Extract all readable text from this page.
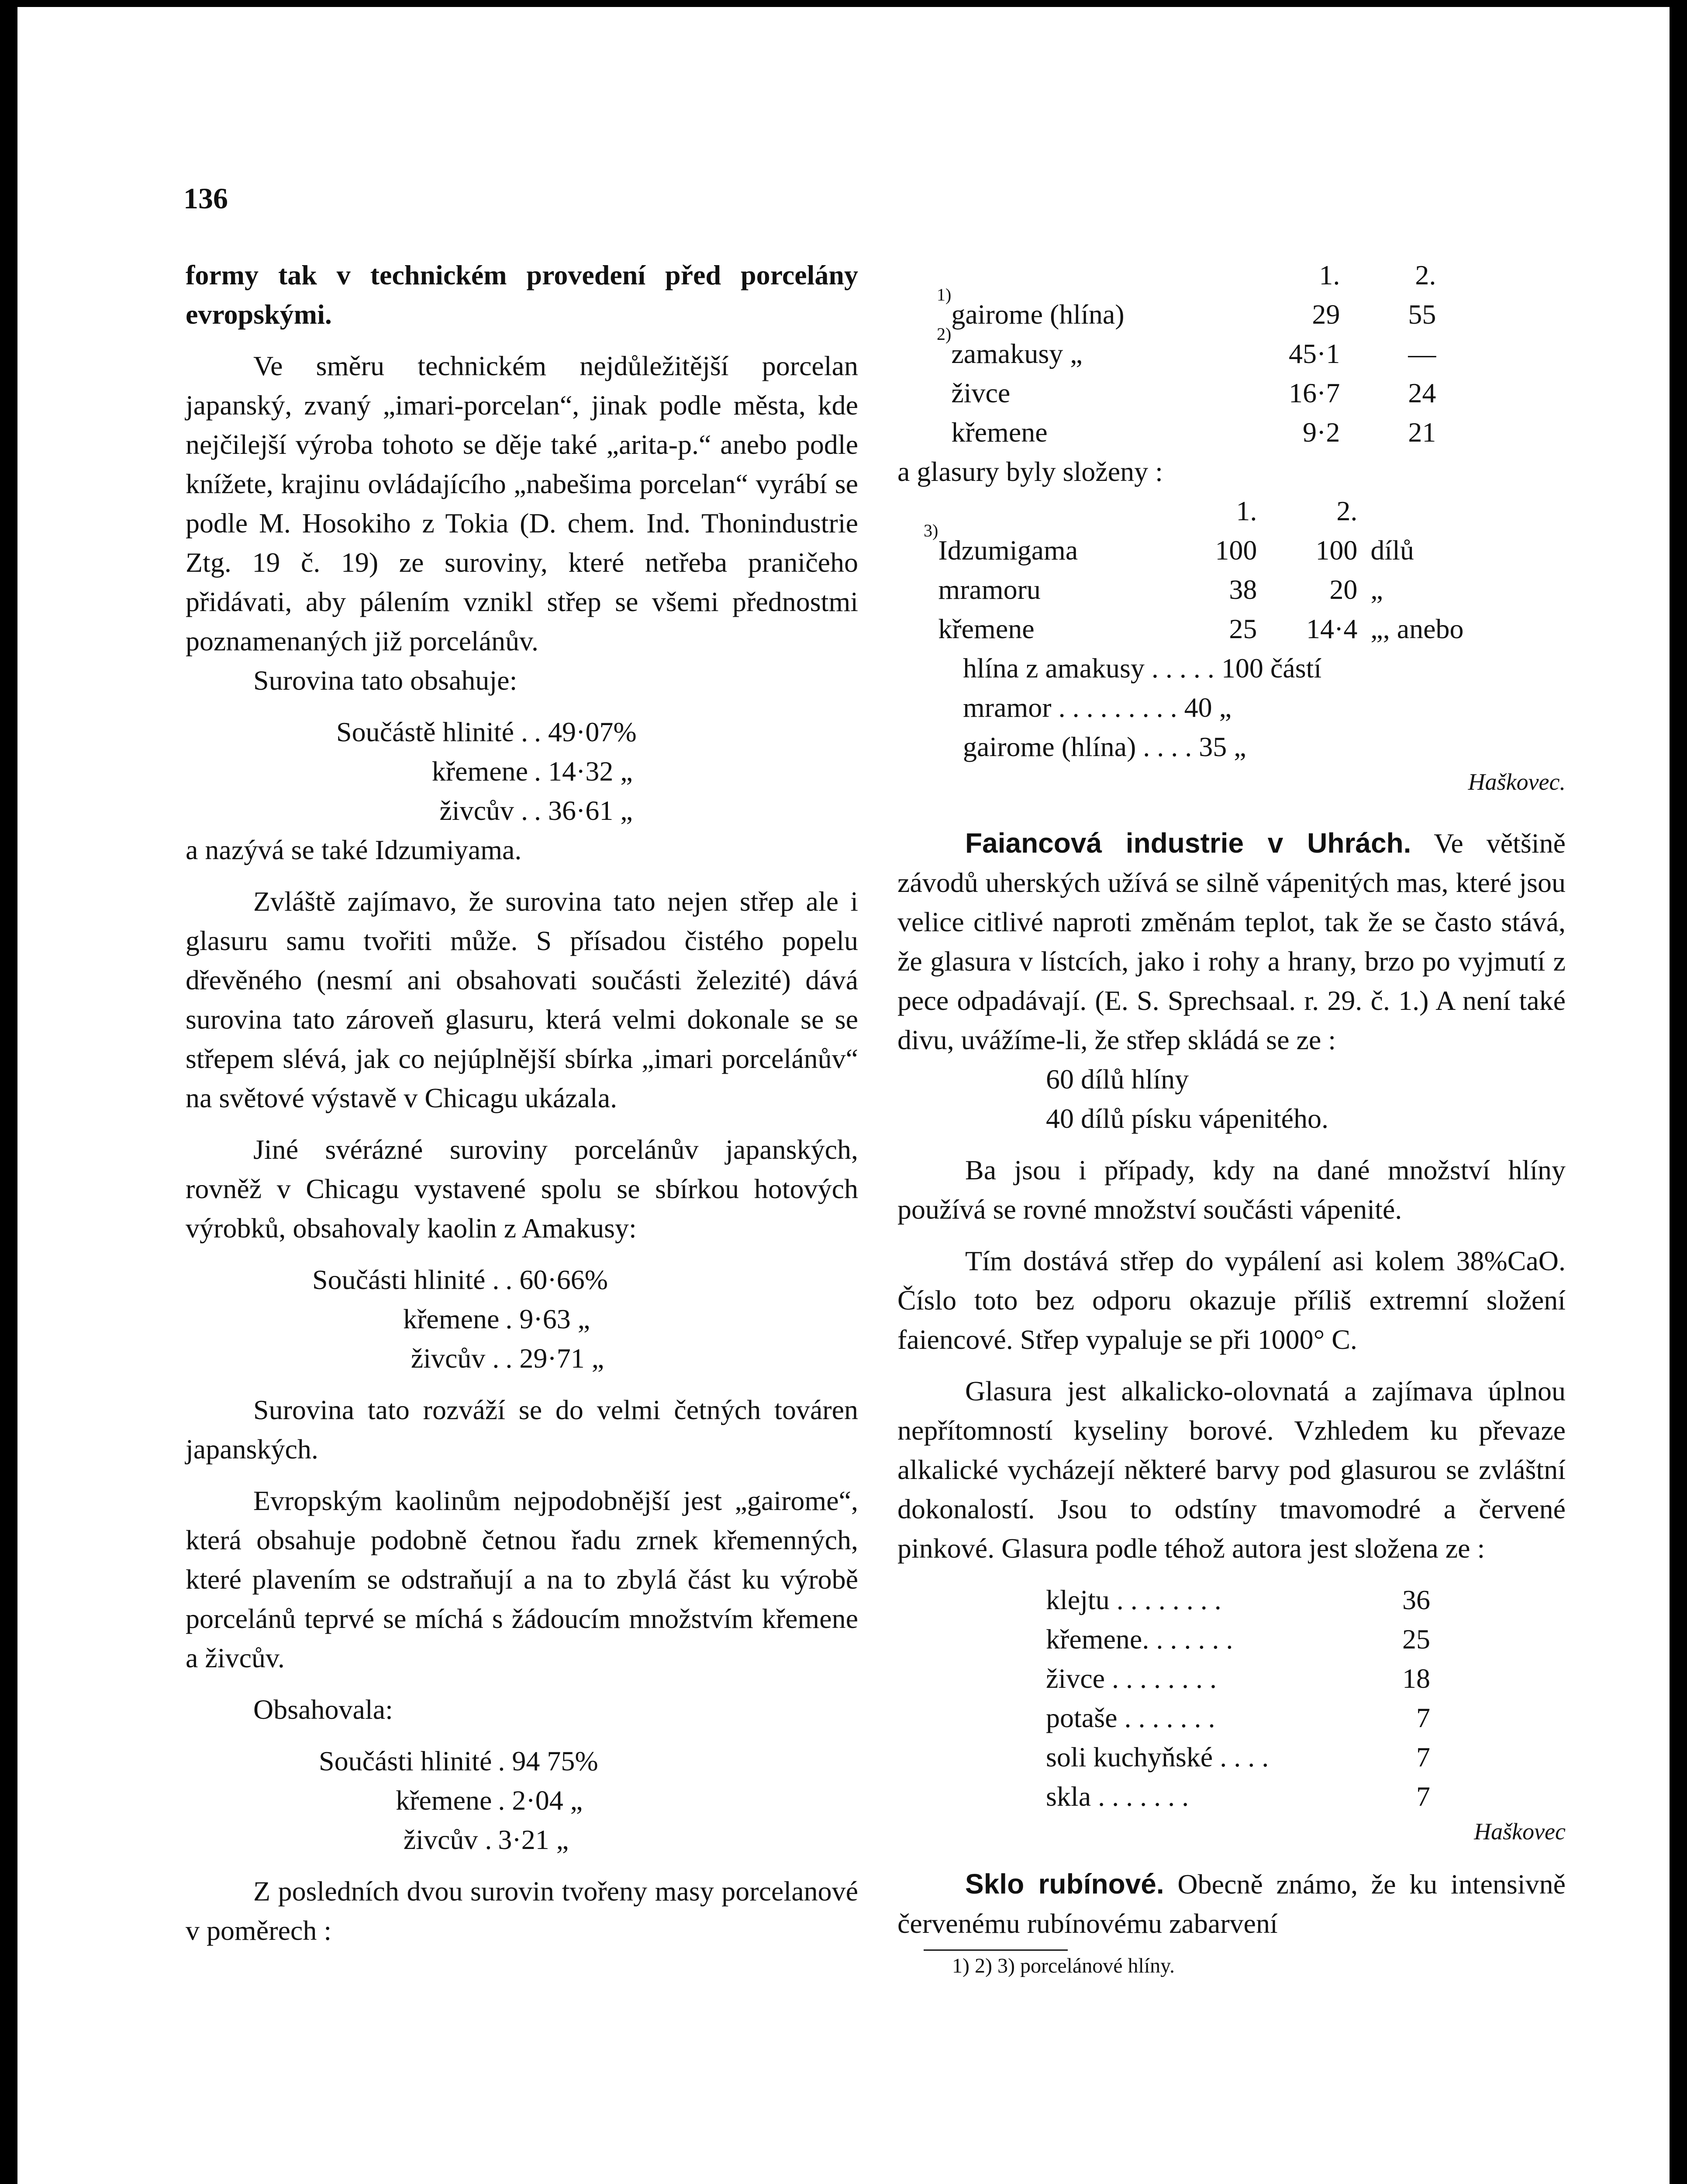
136

formy tak v technickém provedení před porcelány evropskými.

Ve směru technickém nejdůležitější porcelan japanský, zvaný „imari-porcelan“, jinak podle města, kde nejčilejší výroba tohoto se děje také „arita-p.“ anebo podle knížete, krajinu ovládajícího „nabešima porcelan“ vyrábí se podle M. Hosokiho z Tokia (D. chem. Ind. Thonindustrie Ztg. 19 č. 19) ze suroviny, které netřeba praničeho přidávati, aby pálením vznikl střep se všemi přednostmi poznamenaných již porcelánův.

Surovina tato obsahuje:

Součástě hlinité . . 49·07%
křemene . 14·32 „
živcův . . 36·61 „

a nazývá se také Idzumiyama.

Zvláště zajímavo, že surovina tato nejen střep ale i glasuru samu tvořiti může. S přísadou čistého popelu dřevěného (nesmí ani obsahovati součásti železité) dává surovina tato zároveň glasuru, která velmi dokonale se se střepem slévá, jak co nejúplnější sbírka „imari porcelánův“ na světové výstavě v Chicagu ukázala.

Jiné svérázné suroviny porcelánův japanských, rovněž v Chicagu vystavené spolu se sbírkou hotových výrobků, obsahovaly kaolin z Amakusy:

Součásti hlinité . . 60·66%
křemene . 9·63 „
živcův . . 29·71 „

Surovina tato rozváží se do velmi četných továren japanských.

Evropským kaolinům nejpodobnější jest „gairome“, která obsahuje podobně četnou řadu zrnek křemenných, které plavením se odstraňují a na to zbylá část ku výrobě porcelánů teprvé se míchá s žádoucím množstvím křemene a živcův.

Obsahovala:

Součásti hlinité . 94 75%
křemene . 2·04 „
živcův . 3·21 „

Z posledních dvou surovin tvořeny masy porcelanové v poměrech :

		1.	2.
1)	gairome (hlína)	29	55
2)	zamakusy „	45·1	—
	živce	16·7	24
	křemene	9·2	21

a glasury byly složeny :

		1.	2.	
3)	Idzumigama	100	100	dílů
	mramoru	38	20	„
	křemene	25	14·4	„, anebo
hlína z amakusy . . . . . 100 částí
mramor . . . . . . . . . 40 „
gairome (hlína) . . . . 35 „
Haškovec.

Faiancová industrie v Uhrách. Ve většině závodů uherských užívá se silně vápenitých mas, které jsou velice citlivé naproti změnám teplot, tak že se často stává, že glasura v lístcích, jako i rohy a hrany, brzo po vyjmutí z pece odpadávají. (E. S. Sprechsaal. r. 29. č. 1.) A není také divu, uvážíme-li, že střep skládá se ze :

60 dílů hlíny
40 dílů písku vápenitého.

Ba jsou i případy, kdy na dané množství hlíny používá se rovné množství součásti vápenité.

Tím dostává střep do vypálení asi kolem 38%CaO. Číslo toto bez odporu okazuje příliš extremní složení faiencové. Střep vypaluje se při 1000° C.

Glasura jest alkalicko-olovnatá a zajímava úplnou nepřítomností kyseliny borové. Vzhledem ku převaze alkalické vycházejí některé barvy pod glasurou se zvláštní dokonalostí. Jsou to odstíny tmavomodré a červené pinkové. Glasura podle téhož autora jest složena ze :

klejtu . . . . . . . .	36
křemene. . . . . . .	25
živce . . . . . . . .	18
potaše . . . . . . .	7
soli kuchyňské . . . .	7
skla . . . . . . .	7
Haškovec

Sklo rubínové. Obecně známo, že ku intensivně červenému rubínovému zabarvení

1) 2) 3) porcelánové hlíny.
